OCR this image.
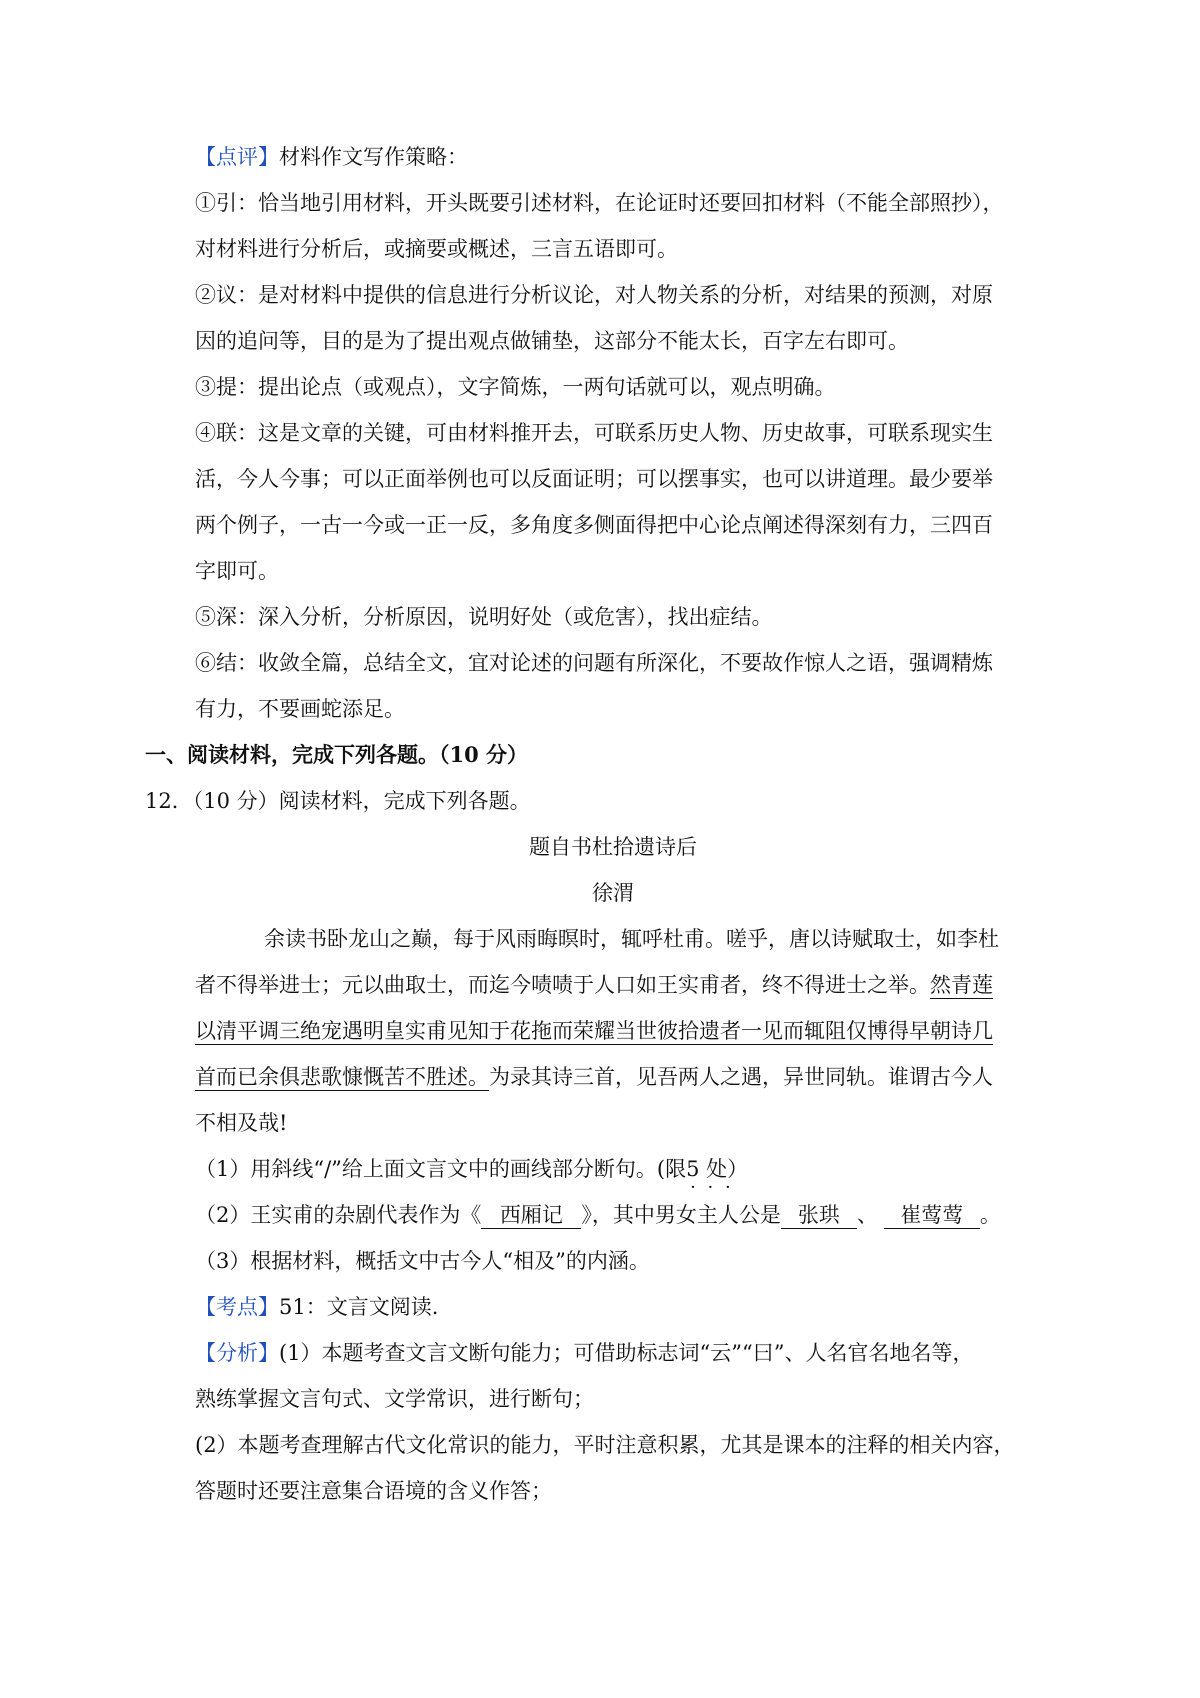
【点评】材料作文写作策略：
①引：恰当地引用材料，开头既要引述材料，在论证时还要回扣材料（不能全部照抄），
对材料进行分析后，或摘要或概述，三言五语即可。
②议：是对材料中提供的信息进行分析议论，对人物关系的分析，对结果的预测，对原
因的追问等，目的是为了提出观点做铺垫，这部分不能太长，百字左右即可。
③提：提出论点（或观点），文字简炼，一两句话就可以，观点明确。
④联：这是文章的关键，可由材料推开去，可联系历史人物、历史故事，可联系现实生
活，今人今事；可以正面举例也可以反面证明；可以摆事实，也可以讲道理。最少要举
两个例子，一古一今或一正一反，多角度多侧面得把中心论点阐述得深刻有力，三四百
字即可。
⑤深：深入分析，分析原因，说明好处（或危害），找出症结。
⑥结：收敛全篇，总结全文，宜对论述的问题有所深化，不要故作惊人之语，强调精炼
有力，不要画蛇添足。
一、阅读材料，完成下列各题。（10 分）
12．（10 分）阅读材料，完成下列各题。
题自书杜拾遗诗后
徐渭
余读书卧龙山之巅，每于风雨晦暝时，辄呼杜甫。嗟乎，唐以诗赋取士，如李杜
者不得举进士；元以曲取士，而迄今啧啧于人口如王实甫者，终不得进士之举。然青莲
以清平调三绝宠遇明皇实甫见知于花拖而荣耀当世彼拾遗者一见而辄阻仅博得早朝诗几
首而已余俱悲歌慷慨苦不胜述。为录其诗三首，见吾两人之遇，异世同轨。谁谓古今人
不相及哉!
（1）用斜线“/”给上面文言文中的画线部分断句。(限5 处 · · ·）
（2）王实甫的杂剧代表作为《 西厢记 》，其中男女主人公是 张珙 、 崔莺莺 。
（3）根据材料，概括文中古今人“相及”的内涵。
【考点】51：文言文阅读.
【分析】(1）本题考查文言文断句能力；可借助标志词“云”“曰”、人名官名地名等，
熟练掌握文言句式、文学常识，进行断句；
(2）本题考查理解古代文化常识的能力，平时注意积累，尤其是课本的注释的相关内容，
答题时还要注意集合语境的含义作答；
